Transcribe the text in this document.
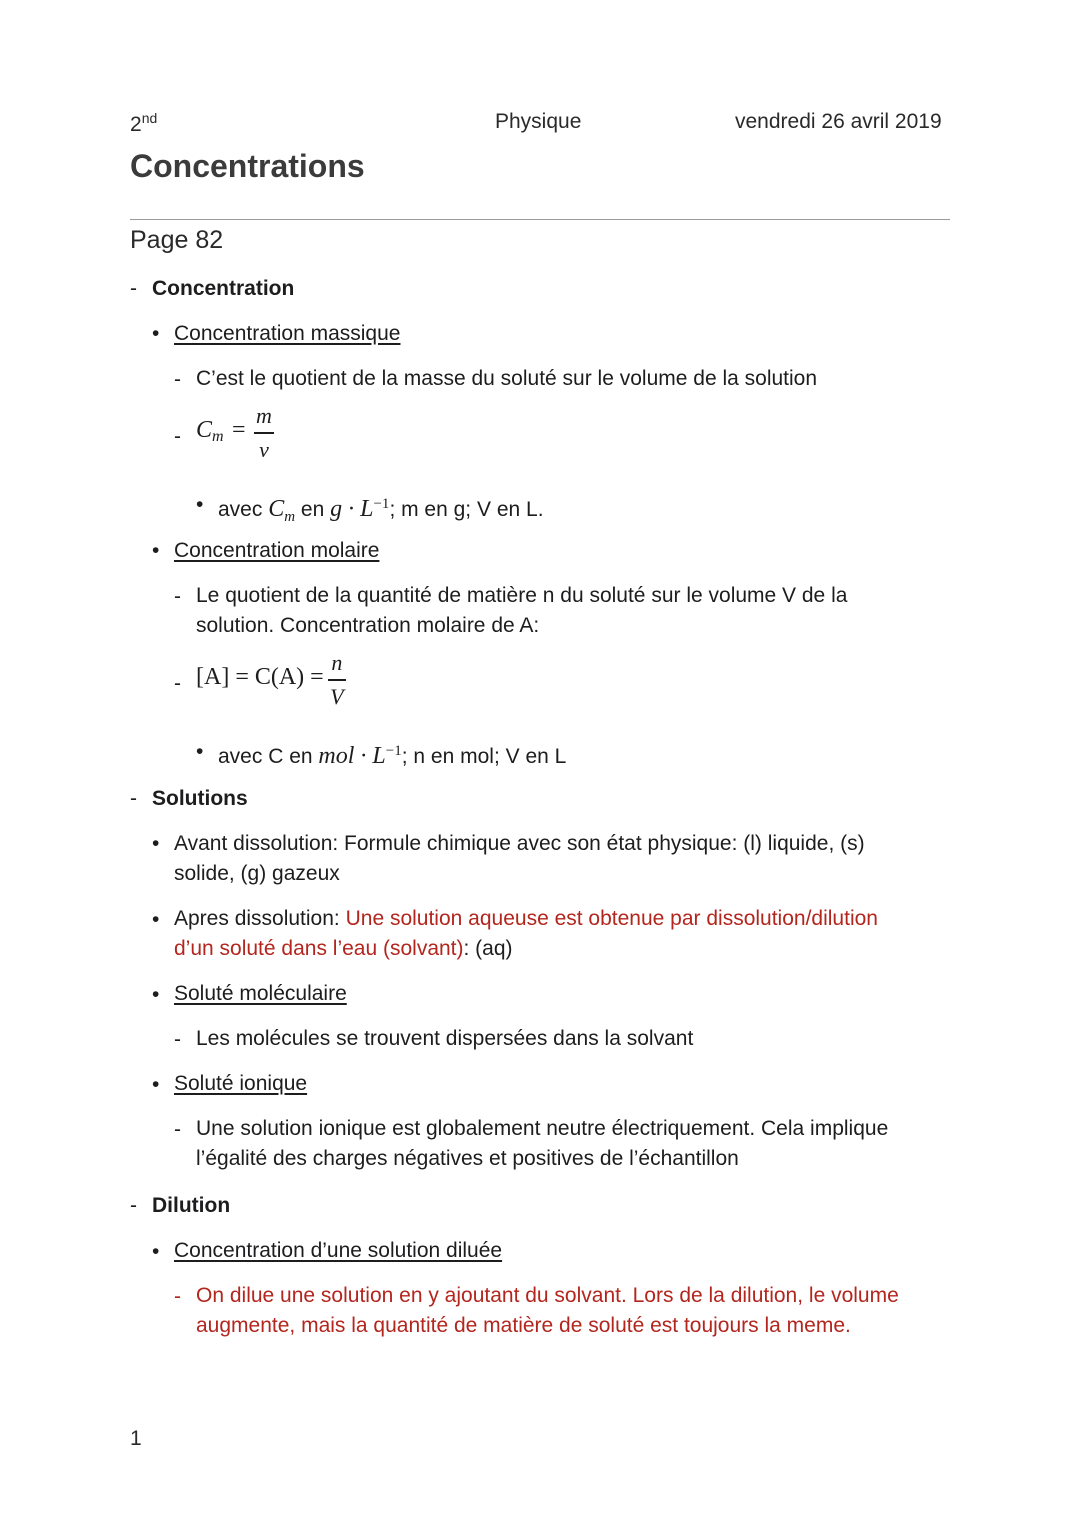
2nd	Physique	vendredi 26 avril 2019
Concentrations
Page 82
- Concentration
• Concentration massique
- C’est le quotient de la masse du soluté sur le volume de la solution
- $C_m = \frac{m}{v}$
• avec $C_m$ en $g \cdot L^{-1}$; m en g; V en L.
• Concentration molaire
- Le quotient de la quantité de matière n du soluté sur le volume V de la
solution. Concentration molaire de A:
- $[A] = C(A) = \frac{n}{V}$
• avec C en mol · $L^{-1}$; n en mol; V en L
- Solutions
• Avant dissolution: Formule chimique avec son état physique: (l) liquide, (s)
solide, (g) gazeux
• Apres dissolution: Une solution aqueuse est obtenue par dissolution/dilution
d’un soluté dans l’eau (solvant): (aq)
• Soluté moléculaire
- Les molécules se trouvent dispersées dans la solvant
• Soluté ionique
- Une solution ionique est globalement neutre électriquement. Cela implique
l’égalité des charges négatives et positives de l’échantillon
- Dilution
• Concentration d’une solution diluée
- On dilue une solution en y ajoutant du solvant. Lors de la dilution, le volume
augmente, mais la quantité de matière de soluté est toujours la meme.
1
